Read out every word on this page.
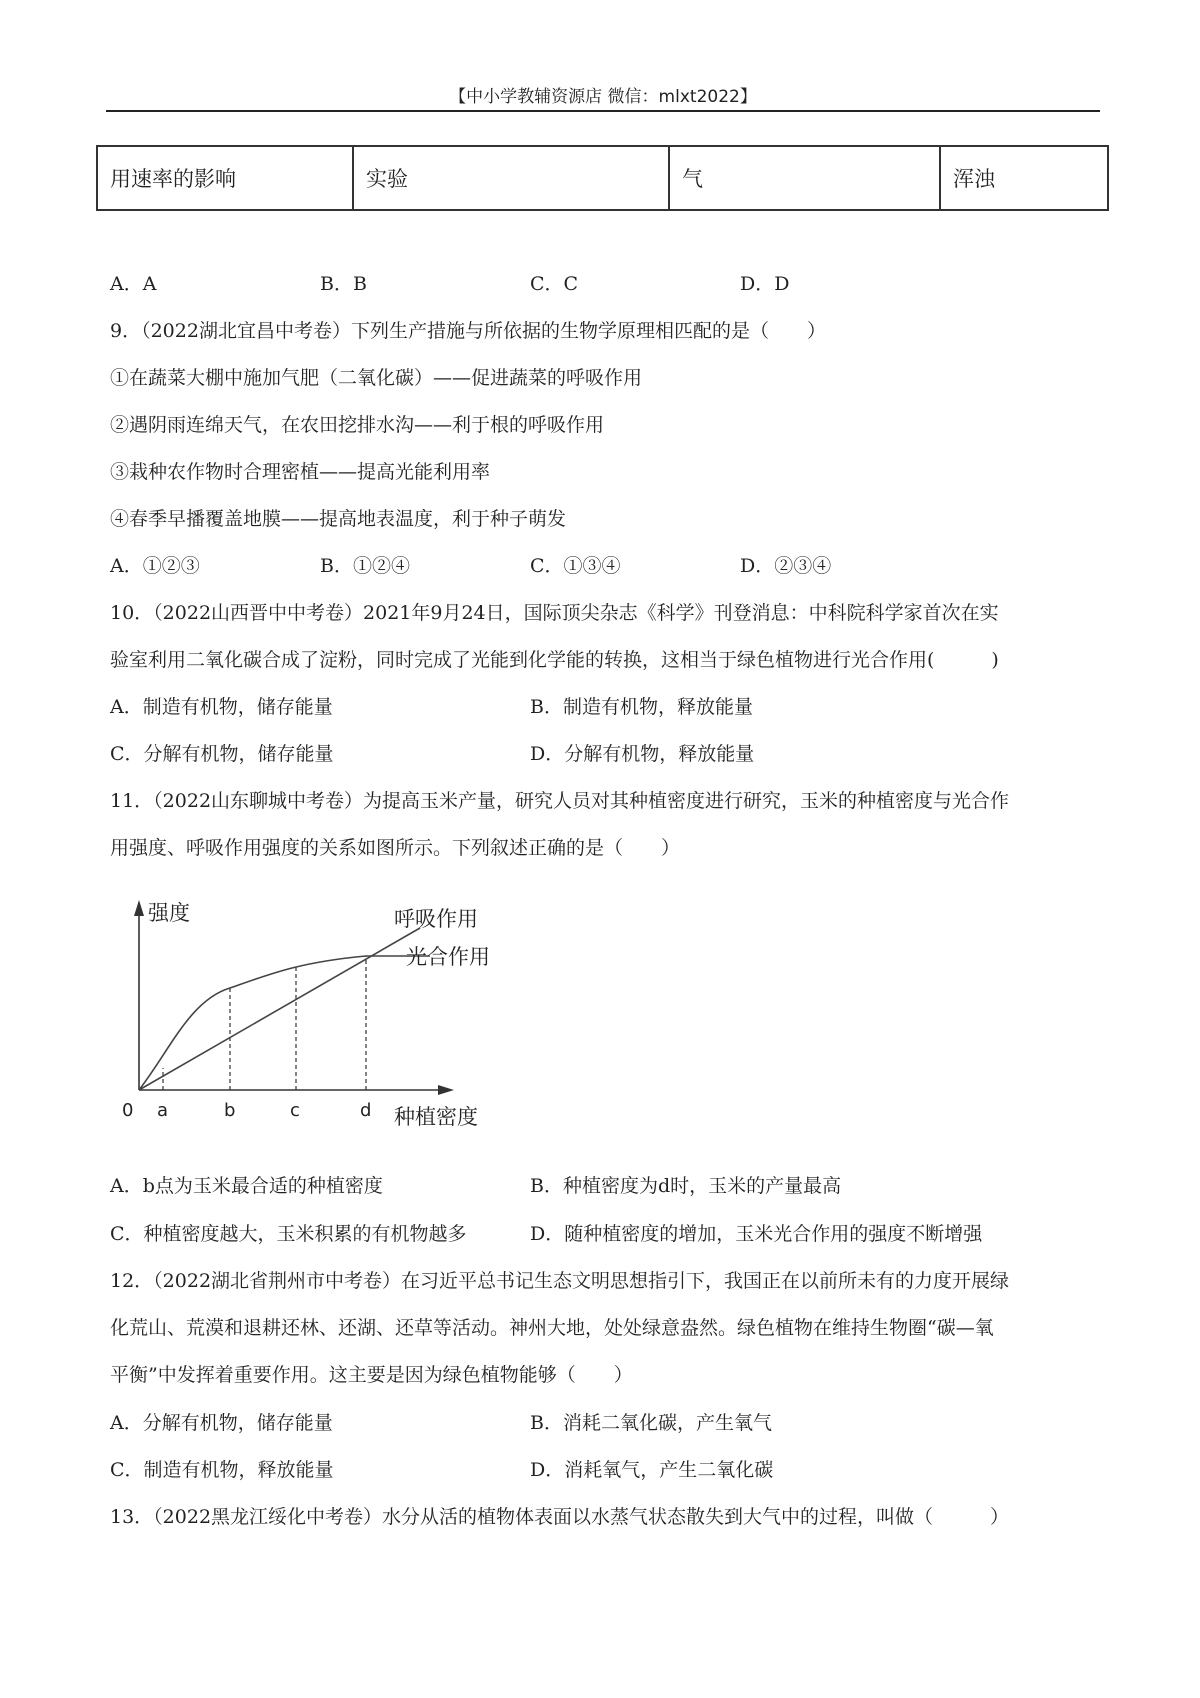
【中小学教辅资源店 微信：mlxt2022】
用速率的影响	实验	气	浑浊
A．A	B．B	C．C	D．D
9．（2022湖北宜昌中考卷）下列生产措施与所依据的生物学原理相匹配的是（　　）
①在蔬菜大棚中施加气肥（二氧化碳）——促进蔬菜的呼吸作用
②遇阴雨连绵天气，在农田挖排水沟——利于根的呼吸作用
③栽种农作物时合理密植——提高光能利用率
④春季早播覆盖地膜——提高地表温度，利于种子萌发
A．①②③	B．①②④	C．①③④	D．②③④
10．（2022山西晋中中考卷）2021年9月24日，国际顶尖杂志《科学》刊登消息：中科院科学家首次在实
验室利用二氧化碳合成了淀粉，同时完成了光能到化学能的转换，这相当于绿色植物进行光合作用(　　　)
A．制造有机物，储存能量	B．制造有机物，释放能量
C．分解有机物，储存能量	D．分解有机物，释放能量
11．（2022山东聊城中考卷）为提高玉米产量，研究人员对其种植密度进行研究，玉米的种植密度与光合作
用强度、呼吸作用强度的关系如图所示。下列叙述正确的是（　　）
强度	呼吸作用
光合作用
0 a	b	c	d 种植密度
A．b点为玉米最合适的种植密度	B．种植密度为d时，玉米的产量最高
C．种植密度越大，玉米积累的有机物越多	D．随种植密度的增加，玉米光合作用的强度不断增强
12．（2022湖北省荆州市中考卷）在习近平总书记生态文明思想指引下，我国正在以前所未有的力度开展绿
化荒山、荒漠和退耕还林、还湖、还草等活动。神州大地，处处绿意盎然。绿色植物在维持生物圈“碳—氧
平衡”中发挥着重要作用。这主要是因为绿色植物能够（　　）
A．分解有机物，储存能量	B．消耗二氧化碳，产生氧气
C．制造有机物，释放能量	D．消耗氧气，产生二氧化碳
13．（2022黑龙江绥化中考卷）水分从活的植物体表面以水蒸气状态散失到大气中的过程，叫做（　　　）
